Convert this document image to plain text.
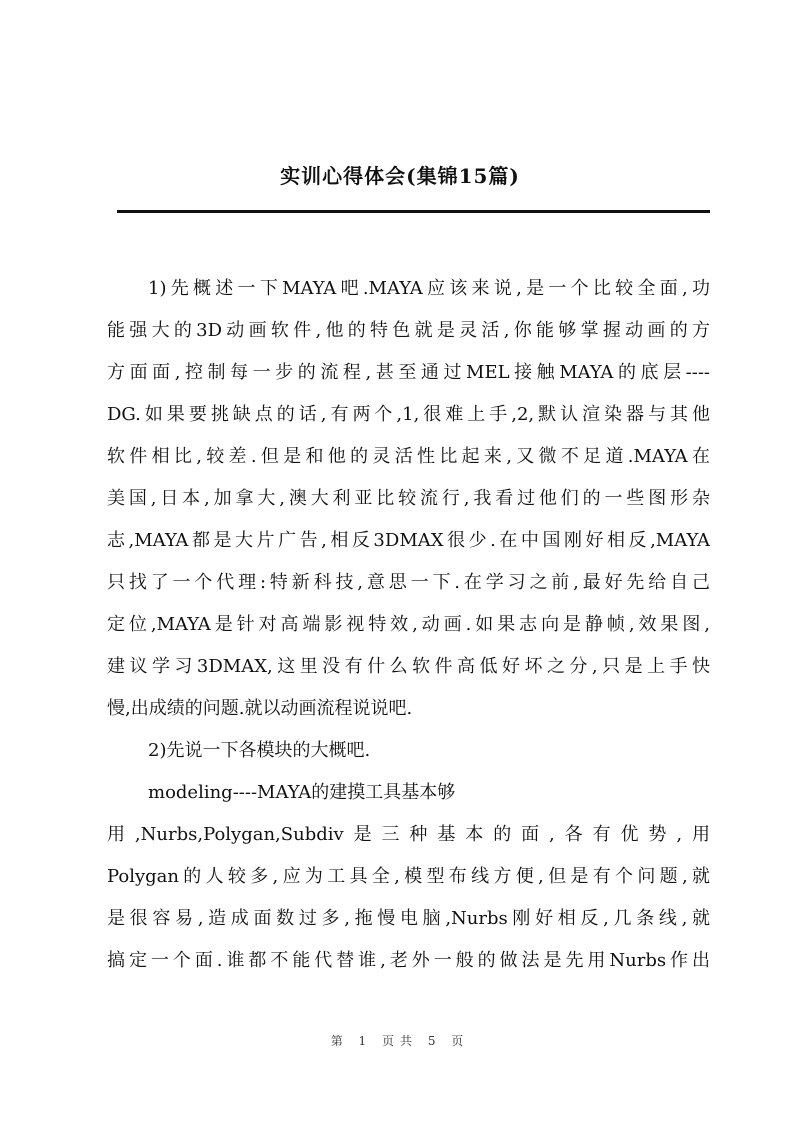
实训心得体会(集锦15篇)
1)先概述一下MAYA吧.MAYA应该来说,是一个比较全面,功
能强大的3D动画软件,他的特色就是灵活,你能够掌握动画的方
方面面,控制每一步的流程,甚至通过MEL接触MAYA的底层----
DG.如果要挑缺点的话,有两个,1,很难上手,2,默认渲染器与其他
软件相比,较差.但是和他的灵活性比起来,又微不足道.MAYA在
美国,日本,加拿大,澳大利亚比较流行,我看过他们的一些图形杂
志,MAYA都是大片广告,相反3DMAX很少.在中国刚好相反,MAYA
只找了一个代理:特新科技,意思一下.在学习之前,最好先给自己
定位,MAYA是针对高端影视特效,动画.如果志向是静帧,效果图,
建议学习3DMAX,这里没有什么软件高低好坏之分,只是上手快
慢,出成绩的问题.就以动画流程说说吧.
2)先说一下各模块的大概吧.
modeling----MAYA的建摸工具基本够
用,Nurbs,Polygan,Subdiv是三种基本的面,各有优势,用
Polygan的人较多,应为工具全,模型布线方便,但是有个问题,就
是很容易,造成面数过多,拖慢电脑,Nurbs刚好相反,几条线,就
搞定一个面.谁都不能代替谁,老外一般的做法是先用Nurbs作出
第 1 页共 5 页
